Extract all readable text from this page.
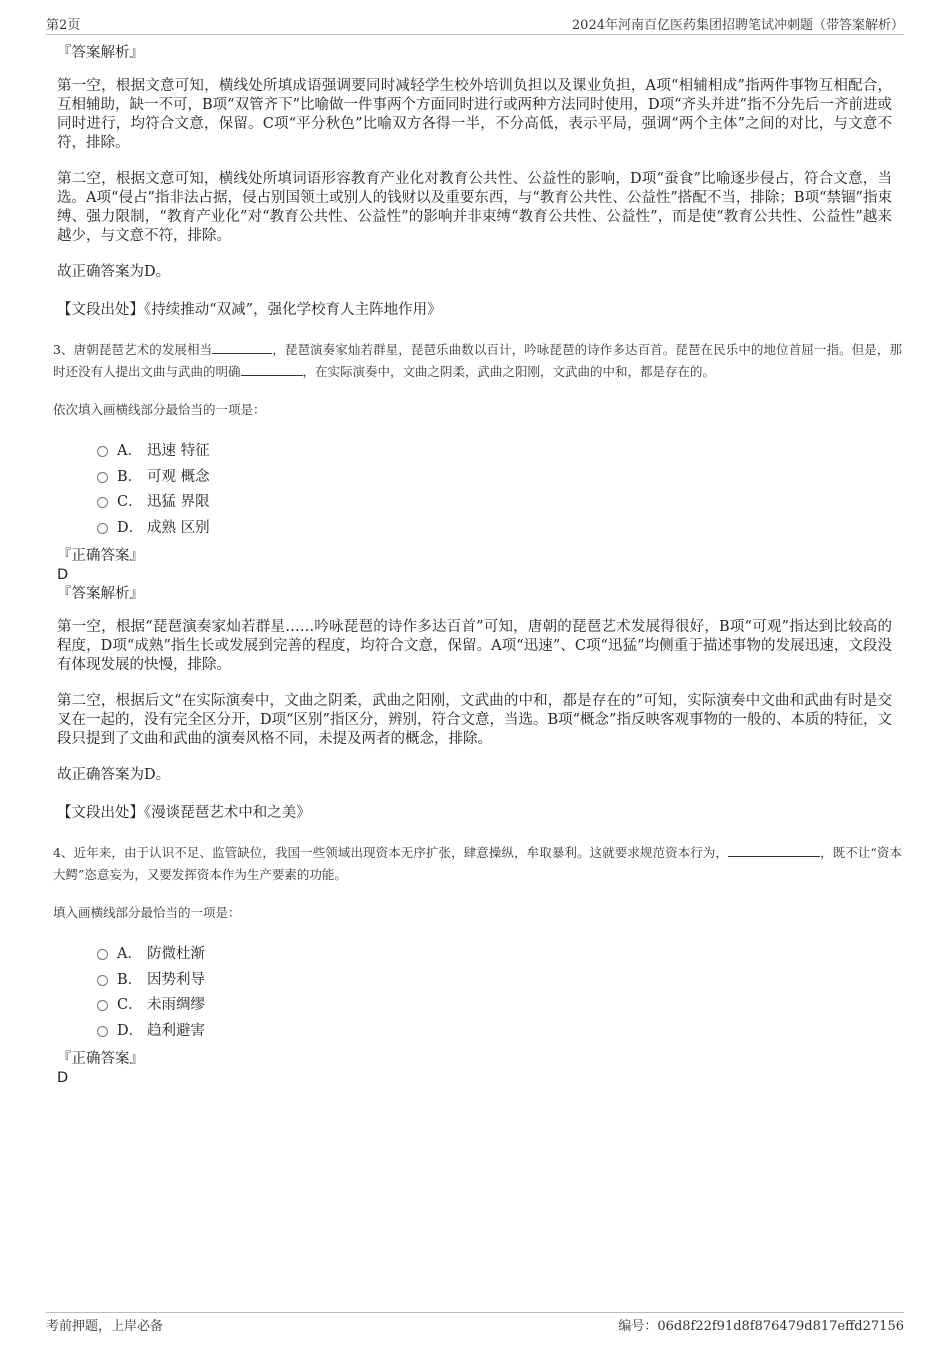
第2页	2024年河南百亿医药集团招聘笔试冲刺题（带答案解析）
『答案解析』
第一空，根据文意可知，横线处所填成语强调要同时减轻学生校外培训负担以及课业负担，A项“相辅相成”指两件事物互相配合，互相辅助，缺一不可，B项“双管齐下”比喻做一件事两个方面同时进行或两种方法同时使用，D项“齐头并进”指不分先后一齐前进或同时进行，均符合文意，保留。C项“平分秋色”比喻双方各得一半，不分高低，表示平局，强调“两个主体”之间的对比，与文意不符，排除。
第二空，根据文意可知，横线处所填词语形容教育产业化对教育公共性、公益性的影响，D项“蚕食”比喻逐步侵占，符合文意，当选。A项“侵占”指非法占据，侵占别国领土或别人的钱财以及重要东西，与“教育公共性、公益性”搭配不当，排除；B项“禁锢”指束缚、强力限制，“教育产业化”对“教育公共性、公益性”的影响并非束缚“教育公共性、公益性”，而是使“教育公共性、公益性”越来越少，与文意不符，排除。
故正确答案为D。
【文段出处】《持续推动“双减”，强化学校育人主阵地作用》
3、唐朝琵琶艺术的发展相当	，琵琶演奏家灿若群星，琵琶乐曲数以百计，吟咏琵琶的诗作多达百首。琵琶在民乐中的地位首屈一指。但是，那时还没有人提出文曲与武曲的明确	，在实际演奏中，文曲之阴柔，武曲之阳刚，文武曲的中和，都是存在的。
依次填入画横线部分最恰当的一项是：
A． 迅速 特征
B． 可观 概念
C． 迅猛 界限
D． 成熟 区别
『正确答案』
D
『答案解析』
第一空，根据“琵琶演奏家灿若群星……吟咏琵琶的诗作多达百首”可知，唐朝的琵琶艺术发展得很好，B项“可观”指达到比较高的程度，D项“成熟”指生长或发展到完善的程度，均符合文意，保留。A项“迅速”、C项“迅猛”均侧重于描述事物的发展迅速，文段没有体现发展的快慢，排除。
第二空，根据后文“在实际演奏中，文曲之阴柔，武曲之阳刚，文武曲的中和，都是存在的”可知，实际演奏中文曲和武曲有时是交叉在一起的，没有完全区分开，D项“区别”指区分，辨别，符合文意，当选。B项“概念”指反映客观事物的一般的、本质的特征，文段只提到了文曲和武曲的演奏风格不同，未提及两者的概念，排除。
故正确答案为D。
【文段出处】《漫谈琵琶艺术中和之美》
4、近年来，由于认识不足、监管缺位，我国一些领域出现资本无序扩张，肆意操纵，牟取暴利。这就要求规范资本行为，	，既不让“资本大鳄”恣意妄为，又要发挥资本作为生产要素的功能。
填入画横线部分最恰当的一项是：
A． 防微杜渐
B． 因势利导
C． 未雨绸缪
D． 趋利避害
『正确答案』
D
考前押题，上岸必备	编号：06d8f22f91d8f876479d817effd27156
